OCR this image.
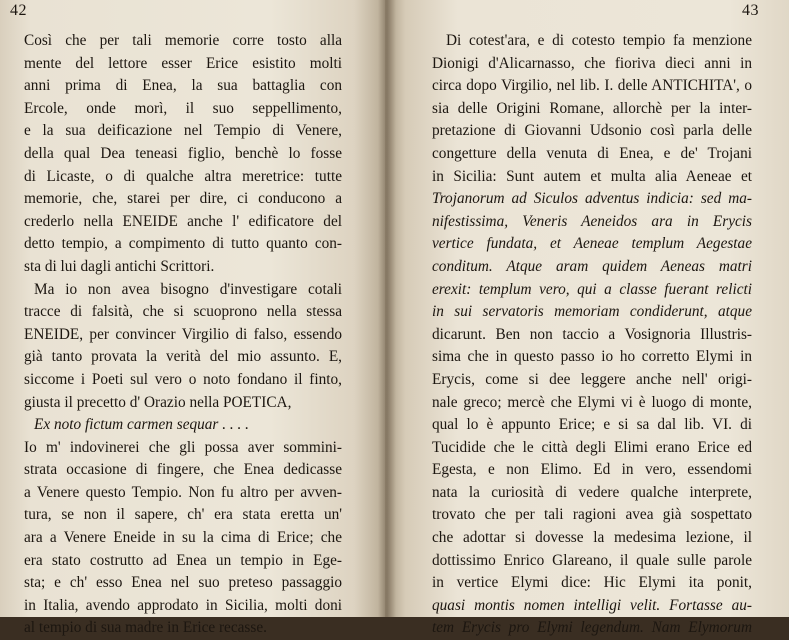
42
Così che per tali memorie corre tosto alla
mente del lettore esser Erice esistito molti
anni prima di Enea, la sua battaglia con
Ercole, onde morì, il suo seppellimento,
e la sua deificazione nel Tempio di Venere,
della qual Dea teneasi figlio, benchè lo fosse
di Licaste, o di qualche altra meretrice: tutte
memorie, che, starei per dire, ci conducono a
crederlo nella ENEIDE anche l' edificatore del
detto tempio, a compimento di tutto quanto con-
sta di lui dagli antichi Scrittori.
Ma io non avea bisogno d'investigare cotali
tracce di falsità, che si scuoprono nella stessa
ENEIDE, per convincer Virgilio di falso, essendo
già tanto provata la verità del mio assunto. E,
siccome i Poeti sul vero o noto fondano il finto,
giusta il precetto d' Orazio nella POETICA,
Ex noto fictum carmen sequar . . . .
Io m' indovinerei che gli possa aver sommini-
strata occasione di fingere, che Enea dedicasse
a Venere questo Tempio. Non fu altro per avven-
tura, se non il sapere, ch' era stata eretta un'
ara a Venere Eneide in su la cima di Erice; che
era stato costrutto ad Enea un tempio in Ege-
sta; e ch' esso Enea nel suo preteso passaggio
in Italia, avendo approdato in Sicilia, molti doni
al tempio di sua madre in Erice recasse.
43
Di cotest'ara, e di cotesto tempio fa menzione
Dionigi d'Alicarnasso, che fioriva dieci anni in
circa dopo Virgilio, nel lib. I. delle ANTICHITA', o
sia delle Origini Romane, allorchè per la inter-
pretazione di Giovanni Udsonio così parla delle
congetture della venuta di Enea, e de' Trojani
in Sicilia: Sunt autem et multa alia Aeneae et
Trojanorum ad Siculos adventus indicia: sed ma-
nifestissima, Veneris Aeneidos ara in Erycis
vertice fundata, et Aeneae templum Aegestae
conditum. Atque aram quidem Aeneas matri
erexit: templum vero, qui a classe fuerant relicti
in sui servatoris memoriam condiderunt, atque
dicarunt. Ben non taccio a Vosignoria Illustris-
sima che in questo passo io ho corretto Elymi in
Erycis, come si dee leggere anche nell' origi-
nale greco; mercè che Elymi vi è luogo di monte,
qual lo è appunto Erice; e si sa dal lib. VI. di
Tucidide che le città degli Elimi erano Erice ed
Egesta, e non Elimo. Ed in vero, essendomi
nata la curiosità di vedere qualche interprete,
trovato che per tali ragioni avea già sospettato
che adottar si dovesse la medesima lezione, il
dottissimo Enrico Glareano, il quale sulle parole
in vertice Elymi dice: Hic Elymi ita ponit,
quasi montis nomen intelligi velit. Fortasse au-
tem Erycis pro Elymi legendum. Nam Elymorum
